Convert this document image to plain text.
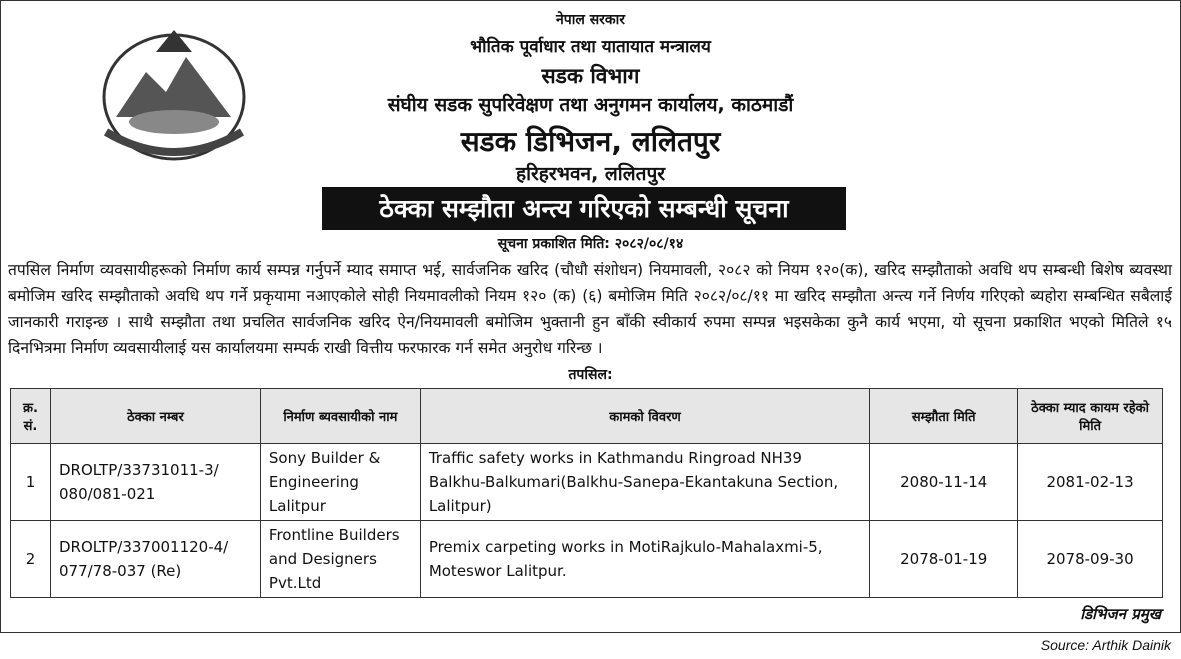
नेपाल सरकार
भौतिक पूर्वाधार तथा यातायात मन्त्रालय
सडक विभाग
संघीय सडक सुपरिवेक्षण तथा अनुगमन कार्यालय, काठमाडौं
सडक डिभिजन, ललितपुर
हरिहरभवन, ललितपुर
ठेक्का सम्झौता अन्त्य गरिएको सम्बन्धी सूचना
सूचना प्रकाशित मिति: २०८२/०८/१४
तपसिल निर्माण व्यवसायीहरूको निर्माण कार्य सम्पन्न गर्नुपर्ने म्याद समाप्त भई, सार्वजनिक खरिद (चौधौ संशोधन) नियमावली, २०८२ को नियम १२०(क), खरिद सम्झौताको अवधि थप सम्बन्धी बिशेष ब्यवस्था बमोजिम खरिद सम्झौताको अवधि थप गर्ने प्रकृयामा नआएकोले सोही नियमावलीको नियम १२० (क) (६) बमोजिम मिति २०८२/०८/११ मा खरिद सम्झौता अन्त्य गर्ने निर्णय गरिएको ब्यहोरा सम्बन्धित सबैलाई जानकारी गराइन्छ । साथै सम्झौता तथा प्रचलित सार्वजनिक खरिद ऐन/नियमावली बमोजिम भुक्तानी हुन बाँकी स्वीकार्य रुपमा सम्पन्न भइसकेका कुनै कार्य भएमा, यो सूचना प्रकाशित भएको मितिले १५ दिनभित्रमा निर्माण व्यवसायीलाई यस कार्यालयमा सम्पर्क राखी वित्तीय फरफारक गर्न समेत अनुरोध गरिन्छ ।
तपसिल:
क्र. सं.	ठेक्का नम्बर	निर्माण ब्यवसायीको नाम	कामको विवरण	सम्झौता मिति	ठेक्का म्याद कायम रहेको मिति
1	DROLTP/33731011-3/ 080/081-021	Sony Builder & Engineering Lalitpur	Traffic safety works in Kathmandu Ringroad NH39 Balkhu-Balkumari(Balkhu-Sanepa-Ekantakuna Section, Lalitpur)	2080-11-14	2081-02-13
2	DROLTP/337001120-4/ 077/78-037 (Re)	Frontline Builders and Designers Pvt.Ltd	Premix carpeting works in MotiRajkulo-Mahalaxmi-5, Moteswor Lalitpur.	2078-01-19	2078-09-30
डिभिजन प्रमुख
Source: Arthik Dainik
